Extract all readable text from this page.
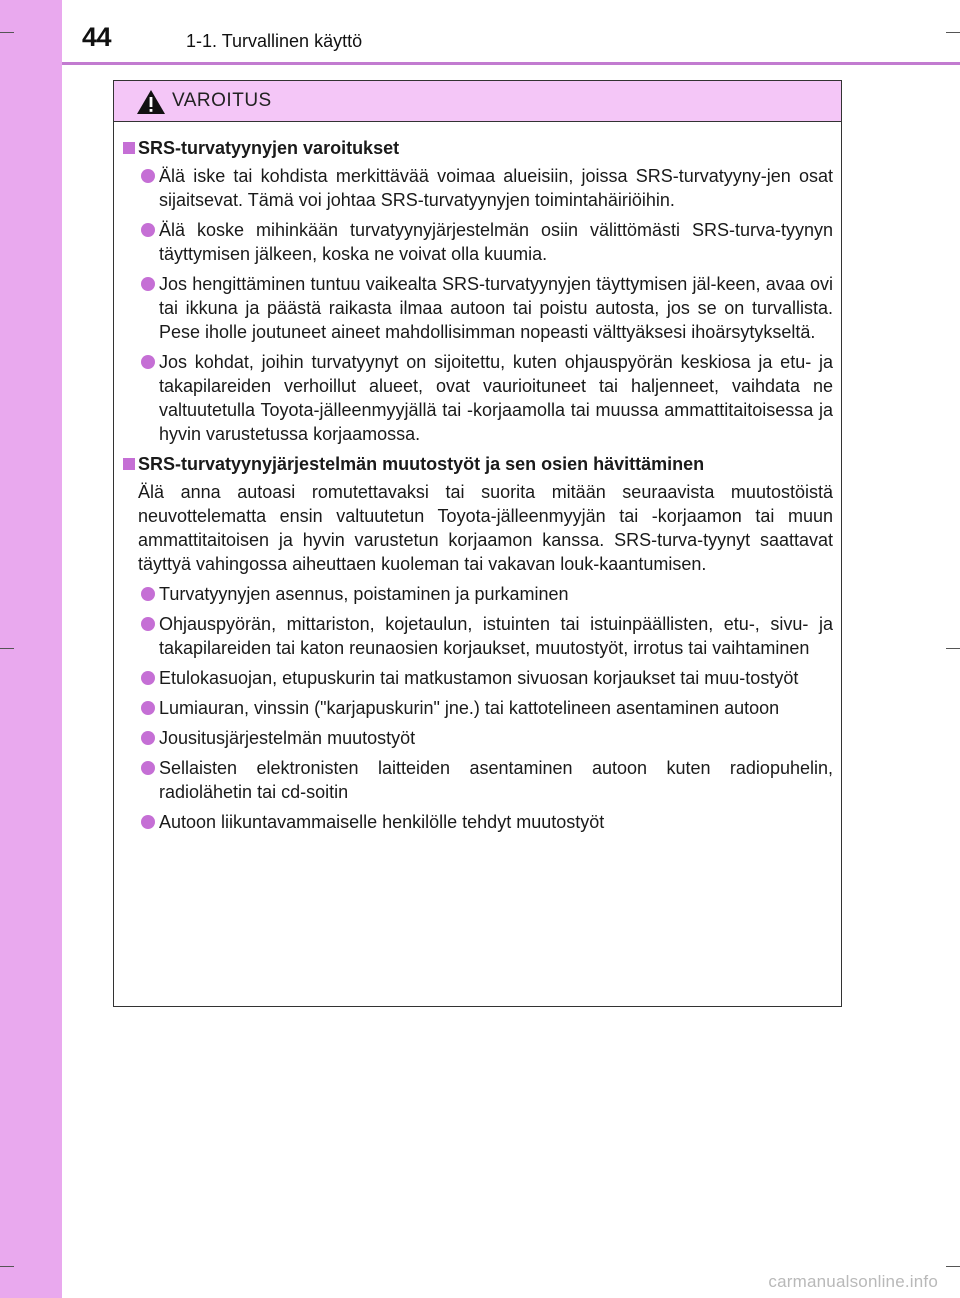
44	1-1. Turvallinen käyttö
VAROITUS
SRS-turvatyynyjen varoitukset
Älä iske tai kohdista merkittävää voimaa alueisiin, joissa SRS-turvatyyny-jen osat sijaitsevat. Tämä voi johtaa SRS-turvatyynyjen toimintahäiriöihin.
Älä koske mihinkään turvatyynyjärjestelmän osiin välittömästi SRS-turva-tyynyn täyttymisen jälkeen, koska ne voivat olla kuumia.
Jos hengittäminen tuntuu vaikealta SRS-turvatyynyjen täyttymisen jäl-keen, avaa ovi tai ikkuna ja päästä raikasta ilmaa autoon tai poistu autosta, jos se on turvallista. Pese iholle joutuneet aineet mahdollisimman nopeasti välttyäksesi ihoärsytykseltä.
Jos kohdat, joihin turvatyynyt on sijoitettu, kuten ohjauspyörän keskiosa ja etu- ja takapilareiden verhoillut alueet, ovat vaurioituneet tai haljenneet, vaihdata ne valtuutetulla Toyota-jälleenmyyjällä tai -korjaamolla tai muussa ammattitaitoisessa ja hyvin varustetussa korjaamossa.
SRS-turvatyynyjärjestelmän muutostyöt ja sen osien hävittäminen
Älä anna autoasi romutettavaksi tai suorita mitään seuraavista muutostöistä neuvottelematta ensin valtuutetun Toyota-jälleenmyyjän tai -korjaamon tai muun ammattitaitoisen ja hyvin varustetun korjaamon kanssa. SRS-turva-tyynyt saattavat täyttyä vahingossa aiheuttaen kuoleman tai vakavan louk-kaantumisen.
Turvatyynyjen asennus, poistaminen ja purkaminen
Ohjauspyörän, mittariston, kojetaulun, istuinten tai istuinpäällisten, etu-, sivu- ja takapilareiden tai katon reunaosien korjaukset, muutostyöt, irrotus tai vaihtaminen
Etulokasuojan, etupuskurin tai matkustamon sivuosan korjaukset tai muu-tostyöt
Lumiauran, vinssin ("karjapuskurin" jne.) tai kattotelineen asentaminen autoon
Jousitusjärjestelmän muutostyöt
Sellaisten elektronisten laitteiden asentaminen autoon kuten radiopuhelin, radiolähetin tai cd-soitin
Autoon liikuntavammaiselle henkilölle tehdyt muutostyöt
carmanualsonline.info
